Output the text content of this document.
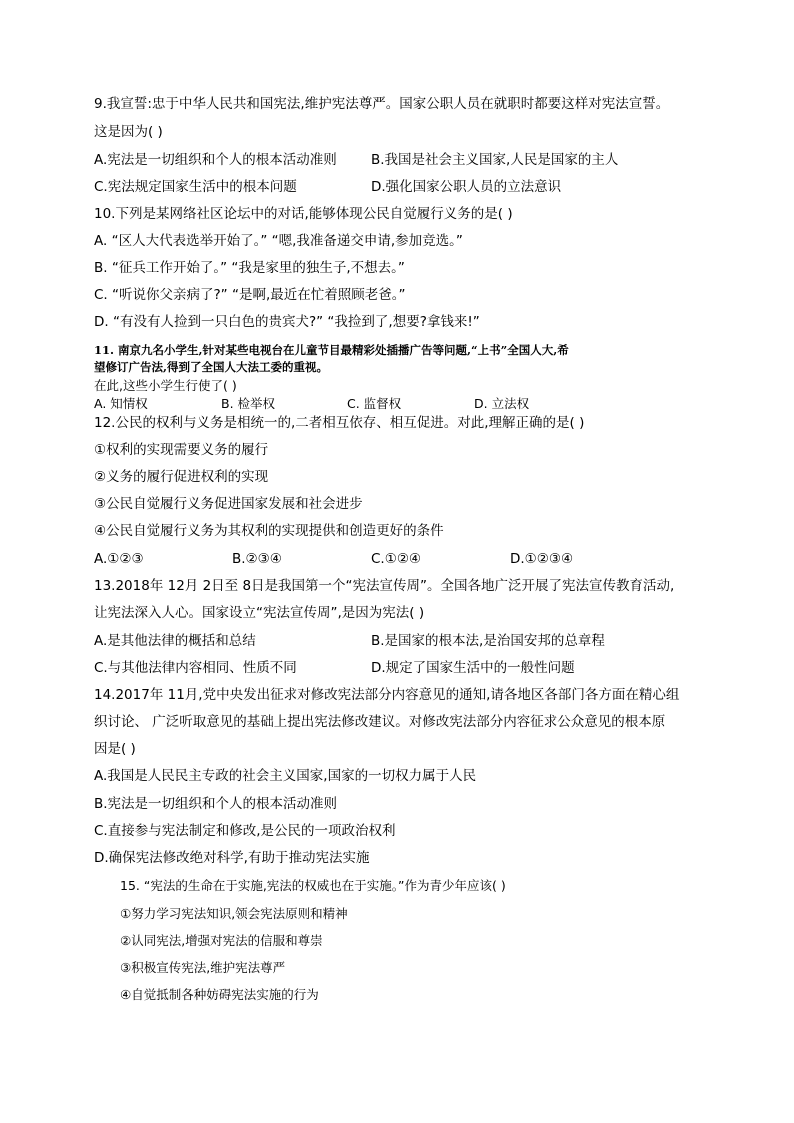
9.我宣誓:忠于中华人民共和国宪法,维护宪法尊严。国家公职人员在就职时都要这样对宪法宣誓。
这是因为( )
A.宪法是一切组织和个人的根本活动准则	B.我国是社会主义国家,人民是国家的主人
C.宪法规定国家生活中的根本问题	D.强化国家公职人员的立法意识
10.下列是某网络社区论坛中的对话,能够体现公民自觉履行义务的是( )
A. “区人大代表选举开始了。” “嗯,我准备递交申请,参加竞选。”
B. “征兵工作开始了。” “我是家里的独生子,不想去。”
C. “听说你父亲病了?” “是啊,最近在忙着照顾老爸。”
D. “有没有人捡到一只白色的贵宾犬?” “我捡到了,想要?拿钱来!”
11. 南京九名小学生,针对某些电视台在儿童节目最精彩处插播广告等问题,“上书”全国人大,希
望修订广告法,得到了全国人大法工委的重视。
在此,这些小学生行使了( )
A. 知情权	B. 检举权	C. 监督权	D. 立法权
12.公民的权利与义务是相统一的,二者相互依存、相互促进。对此,理解正确的是( )
①权利的实现需要义务的履行
②义务的履行促进权利的实现
③公民自觉履行义务促进国家发展和社会进步
④公民自觉履行义务为其权利的实现提供和创造更好的条件
A.①②③	B.②③④	C.①②④	D.①②③④
13.2018年 12月 2日至 8日是我国第一个“宪法宣传周”。全国各地广泛开展了宪法宣传教育活动,
让宪法深入人心。国家设立“宪法宣传周”,是因为宪法( )
A.是其他法律的概括和总结	B.是国家的根本法,是治国安邦的总章程
C.与其他法律内容相同、性质不同	D.规定了国家生活中的一般性问题
14.2017年 11月,党中央发出征求对修改宪法部分内容意见的通知,请各地区各部门各方面在精心组
织讨论、 广泛听取意见的基础上提出宪法修改建议。对修改宪法部分内容征求公众意见的根本原
因是( )
A.我国是人民民主专政的社会主义国家,国家的一切权力属于人民
B.宪法是一切组织和个人的根本活动准则
C.直接参与宪法制定和修改,是公民的一项政治权利
D.确保宪法修改绝对科学,有助于推动宪法实施
15. “宪法的生命在于实施,宪法的权威也在于实施。”作为青少年应该( )
①努力学习宪法知识,领会宪法原则和精神
②认同宪法,增强对宪法的信服和尊崇
③积极宣传宪法,维护宪法尊严
④自觉抵制各种妨碍宪法实施的行为
